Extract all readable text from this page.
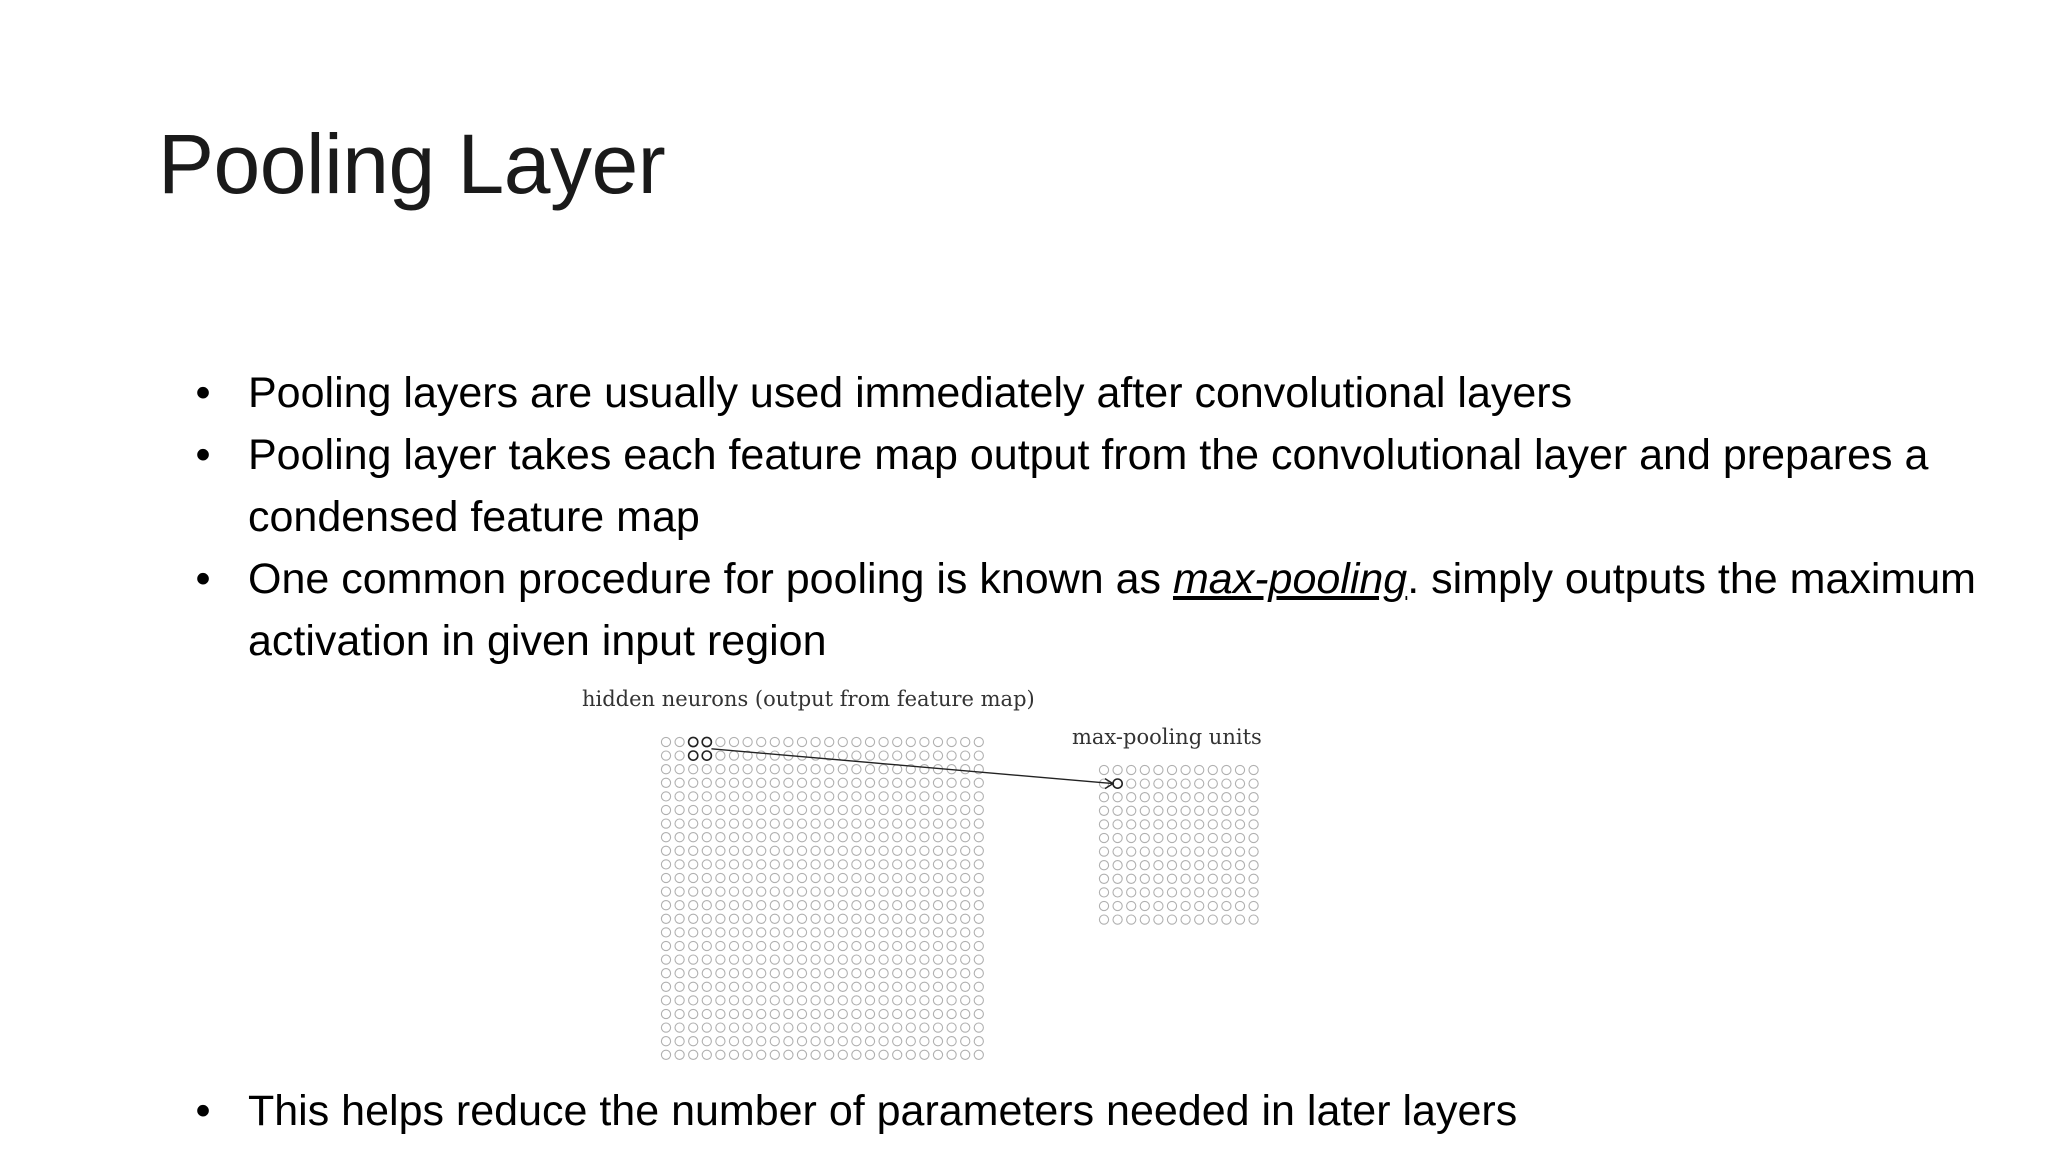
Pooling Layer
• Pooling layers are usually used immediately after convolutional layers
• Pooling layer takes each feature map output from the convolutional layer and prepares a condensed feature map
• One common procedure for pooling is known as max-pooling. simply outputs the maximum activation in given input region
hidden neurons (output from feature map)
max-pooling units
• This helps reduce the number of parameters needed in later layers
